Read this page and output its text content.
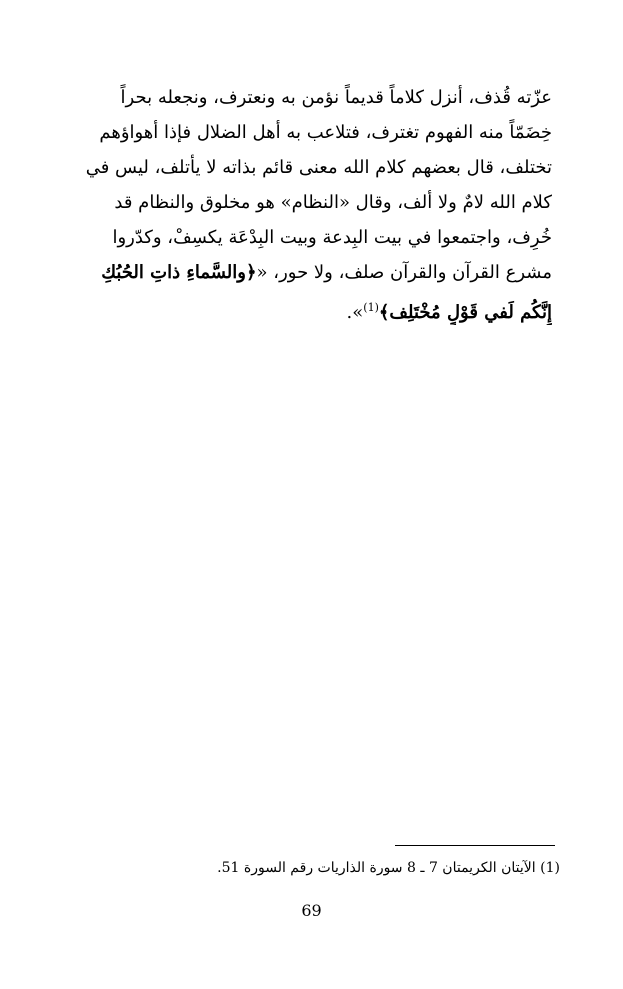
عزّته قُذف، أنزل كلاماً قديماً نؤمن به ونعترف، ونجعله بحراً
خِضَمّاً منه الفهوم تغترف، فتلاعب به أهل الضلال فإذا أهواؤهم
تختلف، قال بعضهم كلام الله معنى قائم بذاته لا يأتلف، ليس في
كلام الله لامٌ ولا ألف، وقال «النظام» هو مخلوق والنظام قد
خُرِف، واجتمعوا في بيت البِدعة وبيت البِدْعَة يكسِفْ، وكدّروا
مشرع القرآن والقرآن صلف، ولا حور، «﴿والسَّماءِ ذاتِ الحُبُكِ
إِنَّكُم لَفي قَوْلٍ مُخْتَلِف﴾$^{(1)}$».
(1) الآيتان الكريمتان 7 ـ 8 سورة الذاريات رقم السورة 51.
69
